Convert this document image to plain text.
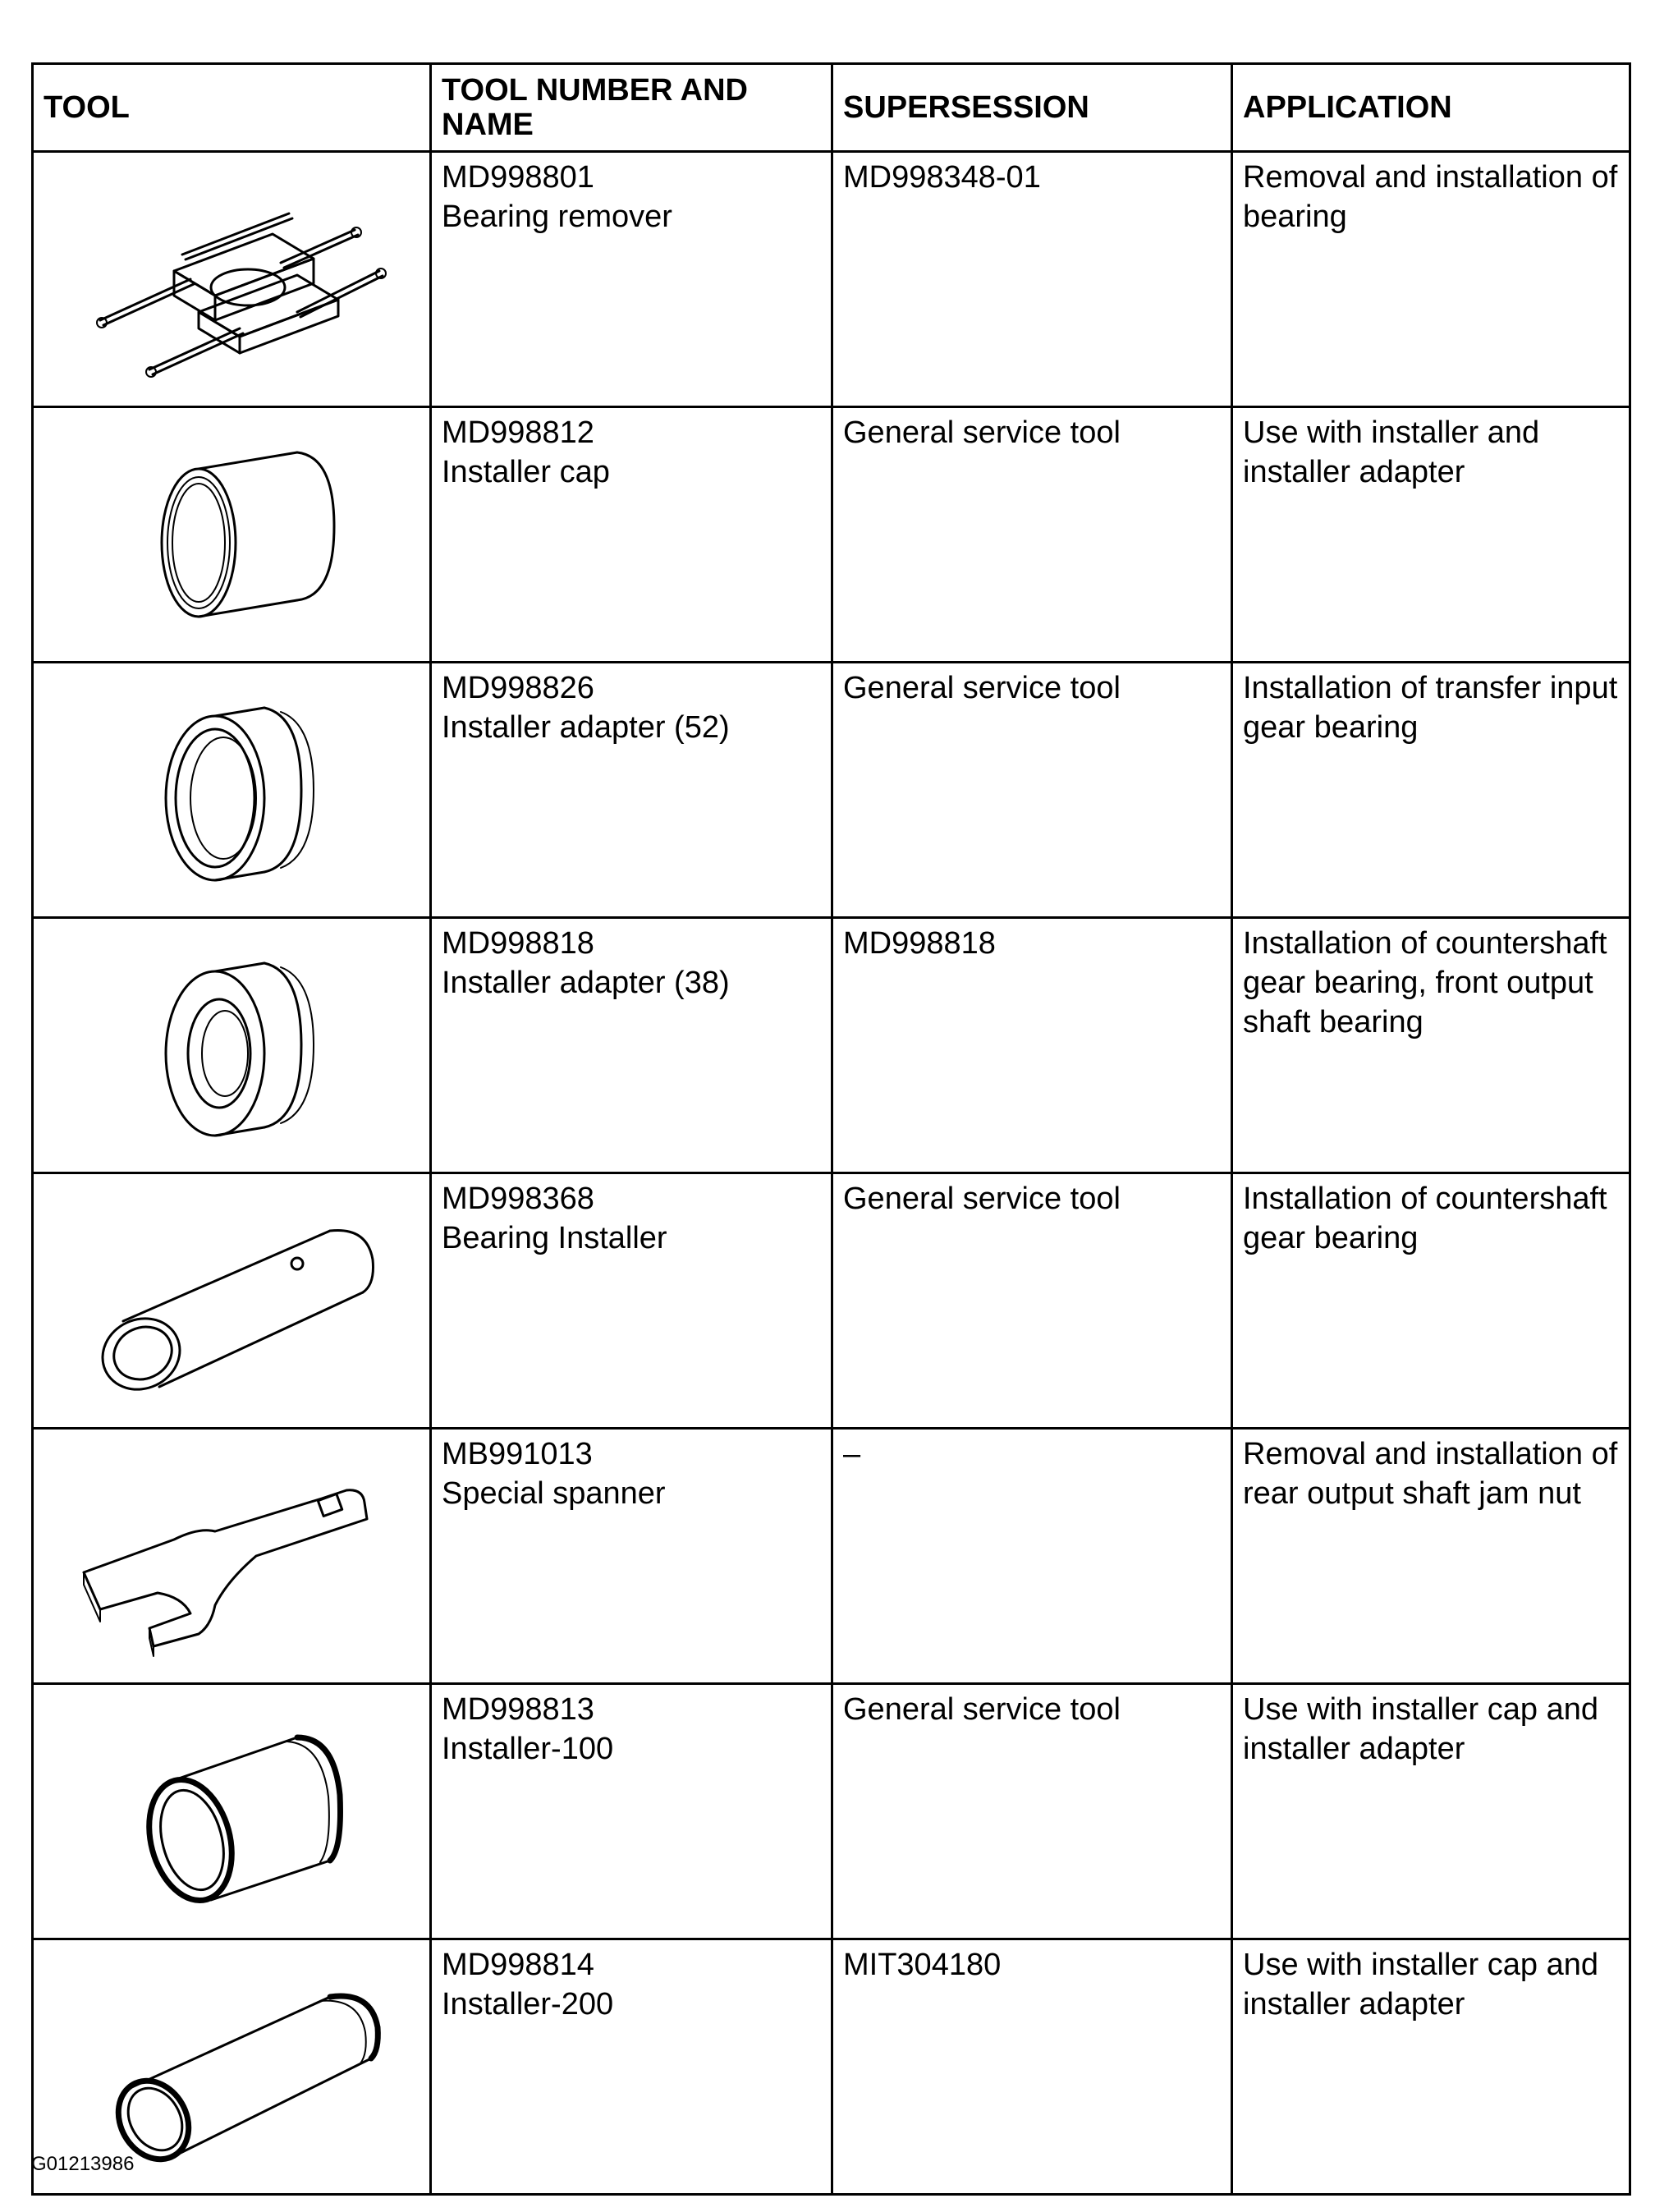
TOOL	TOOL NUMBER AND NAME	SUPERSESSION	APPLICATION

MD998801
Bearing remover	MD998348-01	Removal and installation of bearing

MD998812
Installer cap	General service tool	Use with installer and installer adapter

MD998826
Installer adapter (52)	General service tool	Installation of transfer input gear bearing

MD998818
Installer adapter (38)	MD998818	Installation of countershaft gear bearing, front output shaft bearing

MD998368
Bearing Installer	General service tool	Installation of countershaft gear bearing

MB991013
Special spanner	–	Removal and installation of rear output shaft jam nut

MD998813
Installer-100	General service tool	Use with installer cap and installer adapter

MD998814
Installer-200	MIT304180	Use with installer cap and installer adapter
G01213986
